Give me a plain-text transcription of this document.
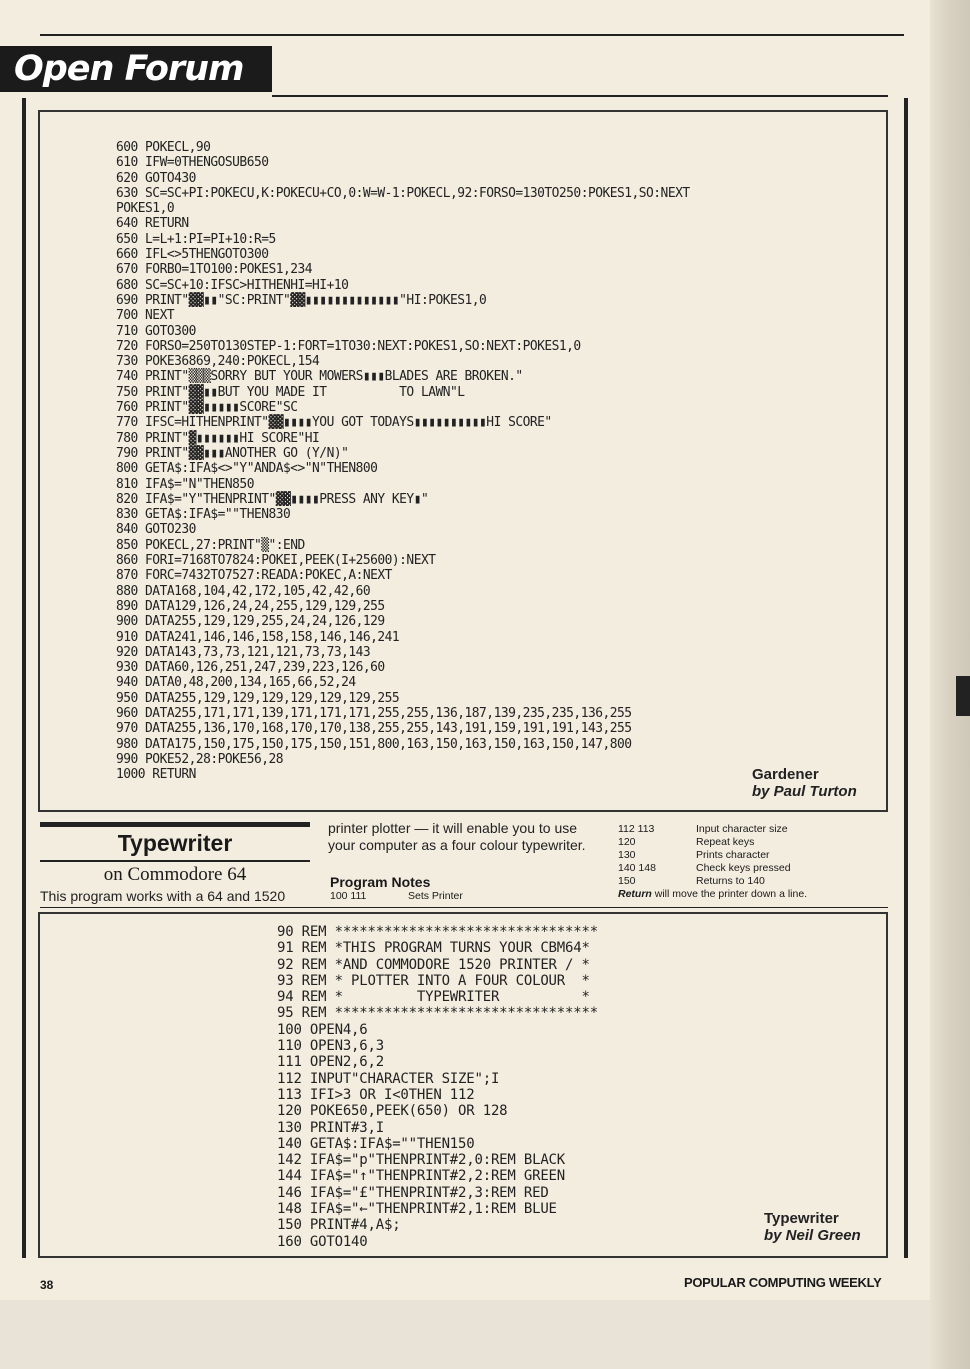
Open Forum
600 POKECL,90
610 IFW=0THENGOSUB650
620 GOTO430
630 SC=SC+PI:POKECU,K:POKECU+CO,0:W=W-1:POKECL,92:FORSO=130TO250:POKES1,SO:NEXT
POKES1,0
640 RETURN
650 L=L+1:PI=PI+10:R=5
660 IFL<>5THENGOTO300
670 FORBO=1TO100:POKES1,234
680 SC=SC+10:IFSC>HITHENHI=HI+10
690 PRINT"▓▓▮▮"SC:PRINT"▓▓▮▮▮▮▮▮▮▮▮▮▮▮▮"HI:POKES1,0
700 NEXT
710 GOTO300
720 FORSO=250TO130STEP-1:FORT=1TO30:NEXT:POKES1,SO:NEXT:POKES1,0
730 POKE36869,240:POKECL,154
740 PRINT"▒▒▒SORRY BUT YOUR MOWERS▮▮▮BLADES ARE BROKEN."
750 PRINT"▓▓▮▮BUT YOU MADE IT          TO LAWN"L
760 PRINT"▓▓▮▮▮▮▮SCORE"SC
770 IFSC=HITHENPRINT"▓▓▮▮▮▮YOU GOT TODAYS▮▮▮▮▮▮▮▮▮▮HI SCORE"
780 PRINT"▓▮▮▮▮▮▮HI SCORE"HI
790 PRINT"▓▓▮▮▮ANOTHER GO (Y/N)"
800 GETA$:IFA$<>"Y"ANDA$<>"N"THEN800
810 IFA$="N"THEN850
820 IFA$="Y"THENPRINT"▓▓▮▮▮▮PRESS ANY KEY▮"
830 GETA$:IFA$=""THEN830
840 GOTO230
850 POKECL,27:PRINT"▒":END
860 FORI=7168TO7824:POKEI,PEEK(I+25600):NEXT
870 FORC=7432TO7527:READA:POKEC,A:NEXT
880 DATA168,104,42,172,105,42,42,60
890 DATA129,126,24,24,255,129,129,255
900 DATA255,129,129,255,24,24,126,129
910 DATA241,146,146,158,158,146,146,241
920 DATA143,73,73,121,121,73,73,143
930 DATA60,126,251,247,239,223,126,60
940 DATA0,48,200,134,165,66,52,24
950 DATA255,129,129,129,129,129,129,255
960 DATA255,171,171,139,171,171,171,255,255,136,187,139,235,235,136,255
970 DATA255,136,170,168,170,170,138,255,255,143,191,159,191,191,143,255
980 DATA175,150,175,150,175,150,151,800,163,150,163,150,163,150,147,800
990 POKE52,28:POKE56,28
1000 RETURN	Gardener
by Paul Turton
Typewriter
on Commodore 64
This program works with a 64 and 1520
printer plotter — it will enable you to use your computer as a four colour typewriter.
Program Notes
100 111	Sets Printer
112 113	Input character size
120	Repeat keys
130	Prints character
140 148	Check keys pressed
150	Returns to 140
Return will move the printer down a line.
90 REM ********************************
91 REM *THIS PROGRAM TURNS YOUR CBM64*
92 REM *AND COMMODORE 1520 PRINTER / *
93 REM * PLOTTER INTO A FOUR COLOUR  *
94 REM *         TYPEWRITER          *
95 REM ********************************
100 OPEN4,6
110 OPEN3,6,3
111 OPEN2,6,2
112 INPUT"CHARACTER SIZE";I
113 IFI>3 OR I<0THEN 112
120 POKE650,PEEK(650) OR 128
130 PRINT#3,I
140 GETA$:IFA$=""THEN150
142 IFA$="p"THENPRINT#2,0:REM BLACK
144 IFA$="↑"THENPRINT#2,2:REM GREEN
146 IFA$="£"THENPRINT#2,3:REM RED
148 IFA$="←"THENPRINT#2,1:REM BLUE
150 PRINT#4,A$;
160 GOTO140
Typewriter
by Neil Green
38	POPULAR COMPUTING WEEKLY
